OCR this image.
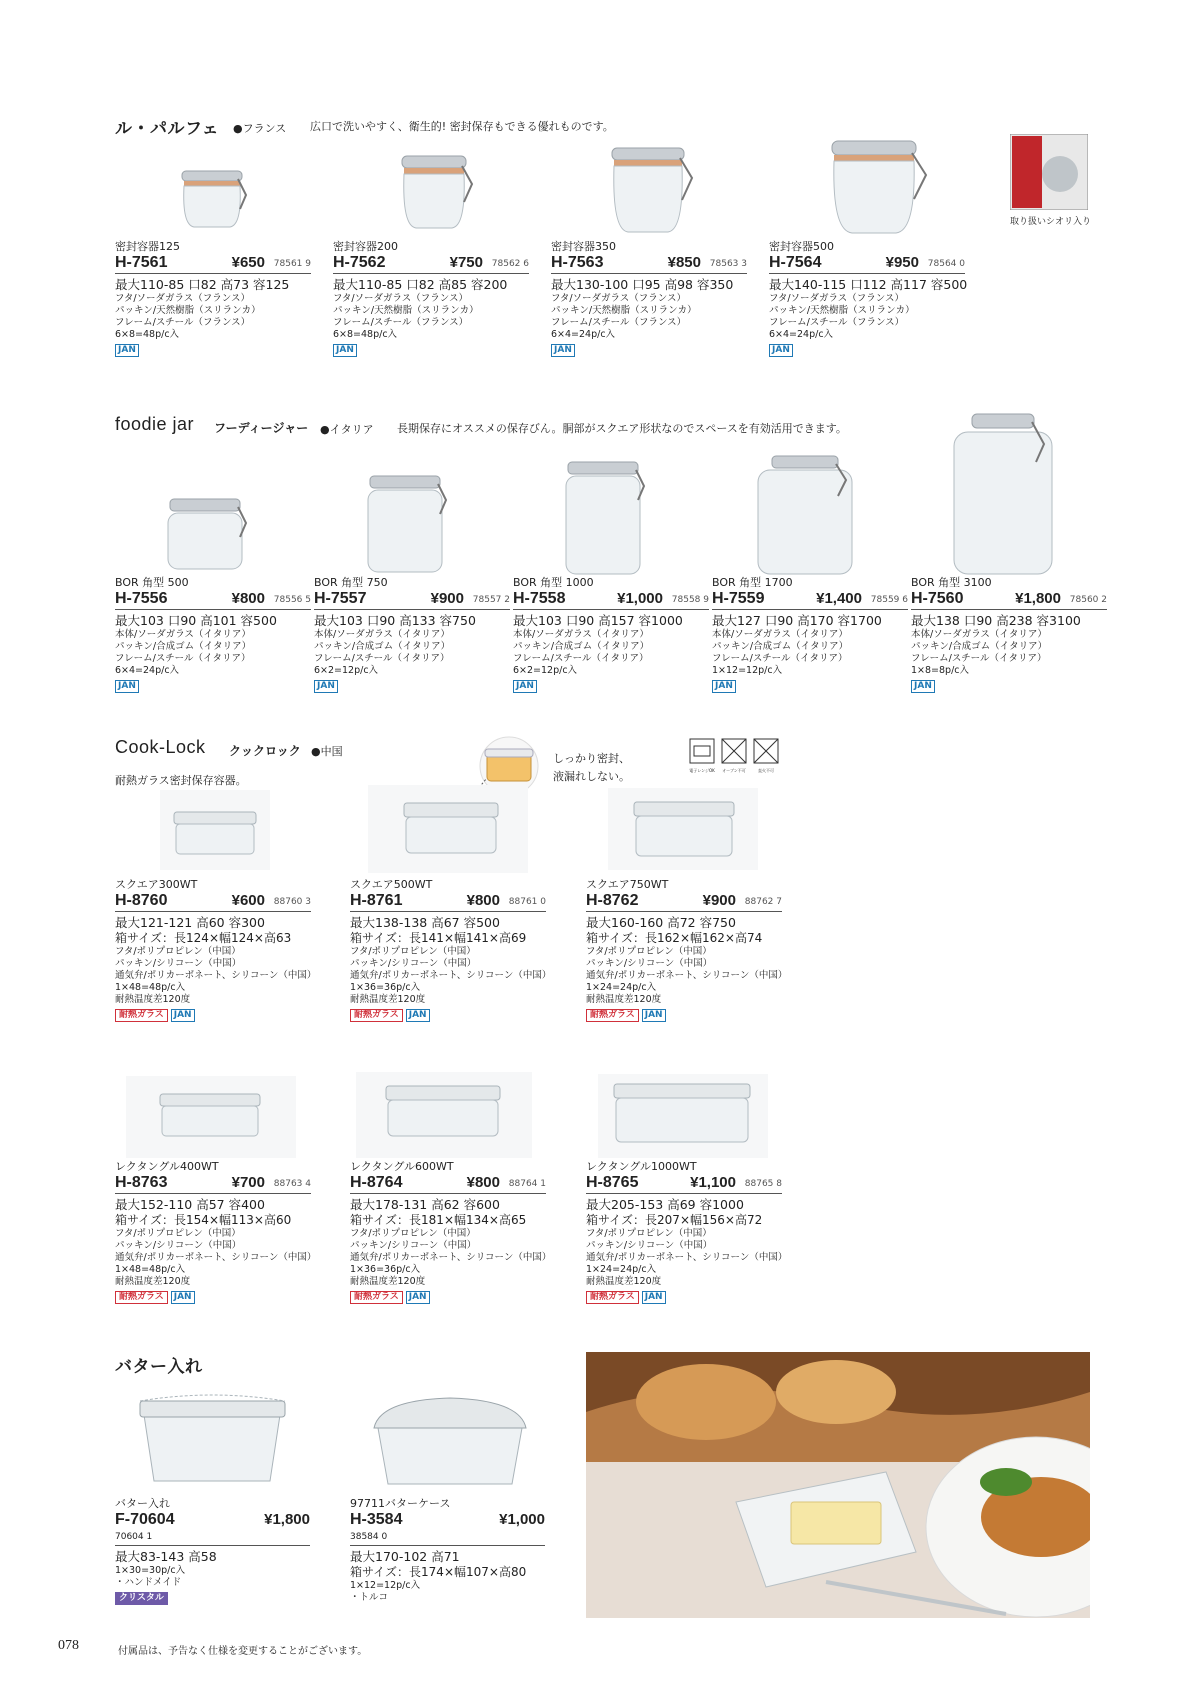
ル・パルフェ ●フランス 広口で洗いやすく、衛生的! 密封保存もできる優れものです。
取り扱いシオリ入り
密封容器125
H-7561	¥650 78561 9
最大110-85 口82 高73 容125
フタ/ソーダガラス（フランス）
パッキン/天然樹脂（スリランカ）
フレーム/スチール（フランス）
6×8=48p/c入
JAN
密封容器200
H-7562	¥750 78562 6
最大110-85 口82 高85 容200
フタ/ソーダガラス（フランス）
パッキン/天然樹脂（スリランカ）
フレーム/スチール（フランス）
6×8=48p/c入
JAN
密封容器350
H-7563	¥850 78563 3
最大130-100 口95 高98 容350
フタ/ソーダガラス（フランス）
パッキン/天然樹脂（スリランカ）
フレーム/スチール（フランス）
6×4=24p/c入
JAN
密封容器500
H-7564	¥950 78564 0
最大140-115 口112 高117 容500
フタ/ソーダガラス（フランス）
パッキン/天然樹脂（スリランカ）
フレーム/スチール（フランス）
6×4=24p/c入
JAN
foodie jar フーディージャー ●イタリア 長期保存にオススメの保存びん。胴部がスクエア形状なのでスペースを有効活用できます。
BOR 角型 500
H-7556	¥800 78556 5
最大103 口90 高101 容500
本体/ソーダガラス（イタリア）
パッキン/合成ゴム（イタリア）
フレーム/スチール（イタリア）
6×4=24p/c入
JAN
BOR 角型 750
H-7557	¥900 78557 2
最大103 口90 高133 容750
本体/ソーダガラス（イタリア）
パッキン/合成ゴム（イタリア）
フレーム/スチール（イタリア）
6×2=12p/c入
JAN
BOR 角型 1000
H-7558	¥1,000 78558 9
最大103 口90 高157 容1000
本体/ソーダガラス（イタリア）
パッキン/合成ゴム（イタリア）
フレーム/スチール（イタリア）
6×2=12p/c入
JAN
BOR 角型 1700
H-7559	¥1,400 78559 6
最大127 口90 高170 容1700
本体/ソーダガラス（イタリア）
パッキン/合成ゴム（イタリア）
フレーム/スチール（イタリア）
1×12=12p/c入
JAN
BOR 角型 3100
H-7560	¥1,800 78560 2
最大138 口90 高238 容3100
本体/ソーダガラス（イタリア）
パッキン/合成ゴム（イタリア）
フレーム/スチール（イタリア）
1×8=8p/c入
JAN
Cook-Lock クックロック ●中国
耐熱ガラス密封保存容器。
しっかり密封、
液漏れしない。	電子レンジOK	オーブン不可	直火不可
スクエア300WT
H-8760	¥600 88760 3
最大121-121 高60 容300
箱サイズ：長124×幅124×高63
フタ/ポリプロピレン（中国）
パッキン/シリコーン（中国）
通気弁/ポリカーボネート、シリコーン（中国）
1×48=48p/c入
耐熱温度差120度
耐熱ガラス	JAN
スクエア500WT
H-8761	¥800 88761 0
最大138-138 高67 容500
箱サイズ：長141×幅141×高69
フタ/ポリプロピレン（中国）
パッキン/シリコーン（中国）
通気弁/ポリカーボネート、シリコーン（中国）
1×36=36p/c入
耐熱温度差120度
耐熱ガラス	JAN
スクエア750WT
H-8762	¥900 88762 7
最大160-160 高72 容750
箱サイズ：長162×幅162×高74
フタ/ポリプロピレン（中国）
パッキン/シリコーン（中国）
通気弁/ポリカーボネート、シリコーン（中国）
1×24=24p/c入
耐熱温度差120度
耐熱ガラス	JAN
レクタングル400WT
H-8763	¥700 88763 4
最大152-110 高57 容400
箱サイズ：長154×幅113×高60
フタ/ポリプロピレン（中国）
パッキン/シリコーン（中国）
通気弁/ポリカーボネート、シリコーン（中国）
1×48=48p/c入
耐熱温度差120度
耐熱ガラス	JAN
レクタングル600WT
H-8764	¥800 88764 1
最大178-131 高62 容600
箱サイズ：長181×幅134×高65
フタ/ポリプロピレン（中国）
パッキン/シリコーン（中国）
通気弁/ポリカーボネート、シリコーン（中国）
1×36=36p/c入
耐熱温度差120度
耐熱ガラス	JAN
レクタングル1000WT
H-8765	¥1,100 88765 8
最大205-153 高69 容1000
箱サイズ：長207×幅156×高72
フタ/ポリプロピレン（中国）
パッキン/シリコーン（中国）
通気弁/ポリカーボネート、シリコーン（中国）
1×24=24p/c入
耐熱温度差120度
耐熱ガラス	JAN
バター入れ
バター入れ
F-70604	¥1,800
70604 1
最大83-143 高58
1×30=30p/c入
・ハンドメイド
クリスタル
97711バターケース
H-3584	¥1,000
38584 0
最大170-102 高71
箱サイズ：長174×幅107×高80
1×12=12p/c入
・トルコ
078	付属品は、予告なく仕様を変更することがございます。
